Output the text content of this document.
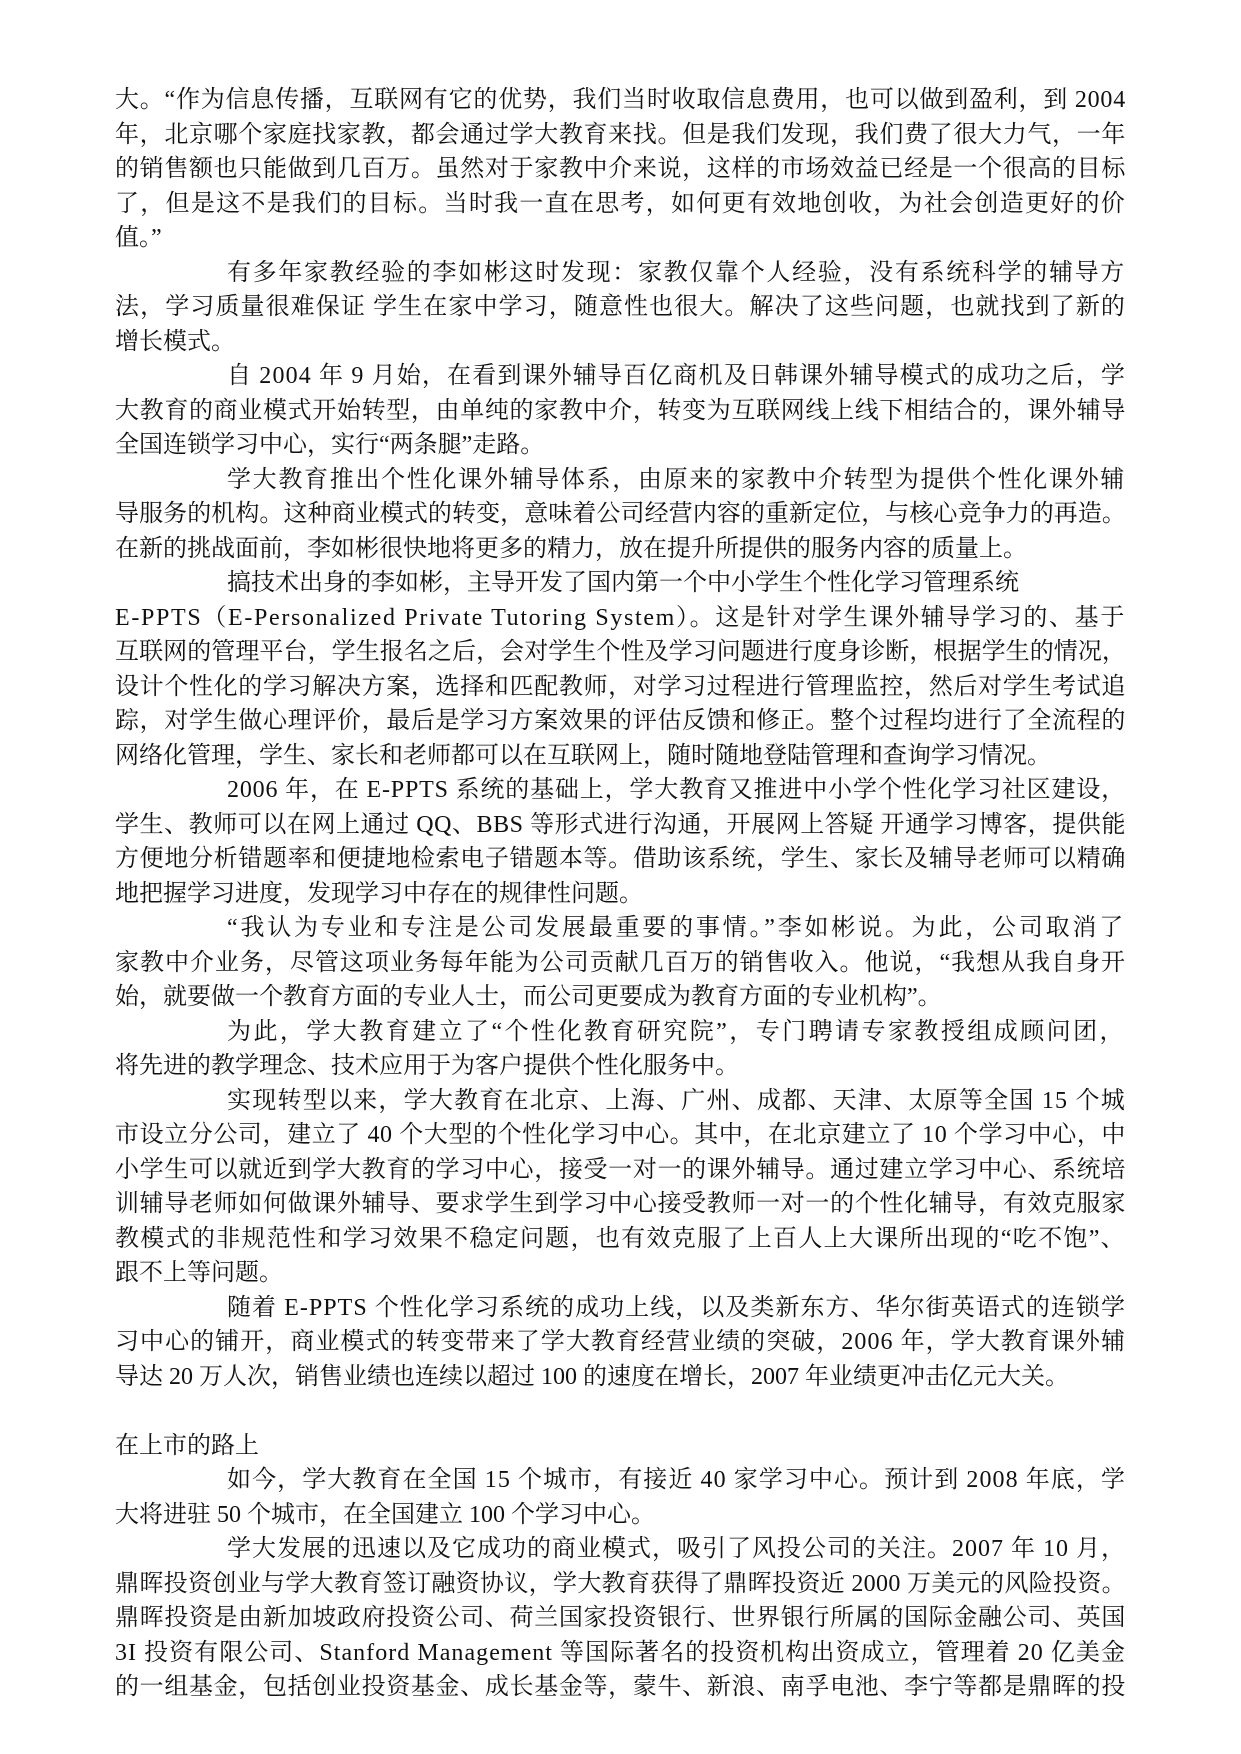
大。“作为信息传播，互联网有它的优势，我们当时收取信息费用，也可以做到盈利，到 2004
年，北京哪个家庭找家教，都会通过学大教育来找。但是我们发现，我们费了很大力气，一年
的销售额也只能做到几百万。虽然对于家教中介来说，这样的市场效益已经是一个很高的目标
了，但是这不是我们的目标。当时我一直在思考，如何更有效地创收，为社会创造更好的价
值。”
有多年家教经验的李如彬这时发现：家教仅靠个人经验，没有系统科学的辅导方
法，学习质量很难保证 学生在家中学习，随意性也很大。解决了这些问题，也就找到了新的
增长模式。
自 2004 年 9 月始，在看到课外辅导百亿商机及日韩课外辅导模式的成功之后，学
大教育的商业模式开始转型，由单纯的家教中介，转变为互联网线上线下相结合的，课外辅导
全国连锁学习中心，实行“两条腿”走路。
学大教育推出个性化课外辅导体系，由原来的家教中介转型为提供个性化课外辅
导服务的机构。这种商业模式的转变，意味着公司经营内容的重新定位，与核心竞争力的再造。
在新的挑战面前，李如彬很快地将更多的精力，放在提升所提供的服务内容的质量上。
搞技术出身的李如彬，主导开发了国内第一个中小学生个性化学习管理系统
E-PPTS（E-Personalized Private Tutoring System）。这是针对学生课外辅导学习的、基于
互联网的管理平台，学生报名之后，会对学生个性及学习问题进行度身诊断，根据学生的情况，
设计个性化的学习解决方案，选择和匹配教师，对学习过程进行管理监控，然后对学生考试追
踪，对学生做心理评价，最后是学习方案效果的评估反馈和修正。整个过程均进行了全流程的
网络化管理，学生、家长和老师都可以在互联网上，随时随地登陆管理和查询学习情况。
2006 年，在 E-PPTS 系统的基础上，学大教育又推进中小学个性化学习社区建设，
学生、教师可以在网上通过 QQ、BBS 等形式进行沟通，开展网上答疑 开通学习博客，提供能
方便地分析错题率和便捷地检索电子错题本等。借助该系统，学生、家长及辅导老师可以精确
地把握学习进度，发现学习中存在的规律性问题。
“我认为专业和专注是公司发展最重要的事情。”李如彬说。为此，公司取消了
家教中介业务，尽管这项业务每年能为公司贡献几百万的销售收入。他说，“我想从我自身开
始，就要做一个教育方面的专业人士，而公司更要成为教育方面的专业机构”。
为此，学大教育建立了“个性化教育研究院”，专门聘请专家教授组成顾问团，
将先进的教学理念、技术应用于为客户提供个性化服务中。
实现转型以来，学大教育在北京、上海、广州、成都、天津、太原等全国 15 个城
市设立分公司，建立了 40 个大型的个性化学习中心。其中，在北京建立了 10 个学习中心，中
小学生可以就近到学大教育的学习中心，接受一对一的课外辅导。通过建立学习中心、系统培
训辅导老师如何做课外辅导、要求学生到学习中心接受教师一对一的个性化辅导，有效克服家
教模式的非规范性和学习效果不稳定问题，也有效克服了上百人上大课所出现的“吃不饱”、
跟不上等问题。
随着 E-PPTS 个性化学习系统的成功上线，以及类新东方、华尔街英语式的连锁学
习中心的铺开，商业模式的转变带来了学大教育经营业绩的突破，2006 年，学大教育课外辅
导达 20 万人次，销售业绩也连续以超过 100 的速度在增长，2007 年业绩更冲击亿元大关。
在上市的路上
如今，学大教育在全国 15 个城市，有接近 40 家学习中心。预计到 2008 年底，学
大将进驻 50 个城市，在全国建立 100 个学习中心。
学大发展的迅速以及它成功的商业模式，吸引了风投公司的关注。2007 年 10 月，
鼎晖投资创业与学大教育签订融资协议，学大教育获得了鼎晖投资近 2000 万美元的风险投资。
鼎晖投资是由新加坡政府投资公司、荷兰国家投资银行、世界银行所属的国际金融公司、英国
3I 投资有限公司、Stanford Management 等国际著名的投资机构出资成立，管理着 20 亿美金
的一组基金，包括创业投资基金、成长基金等，蒙牛、新浪、南孚电池、李宁等都是鼎晖的投
